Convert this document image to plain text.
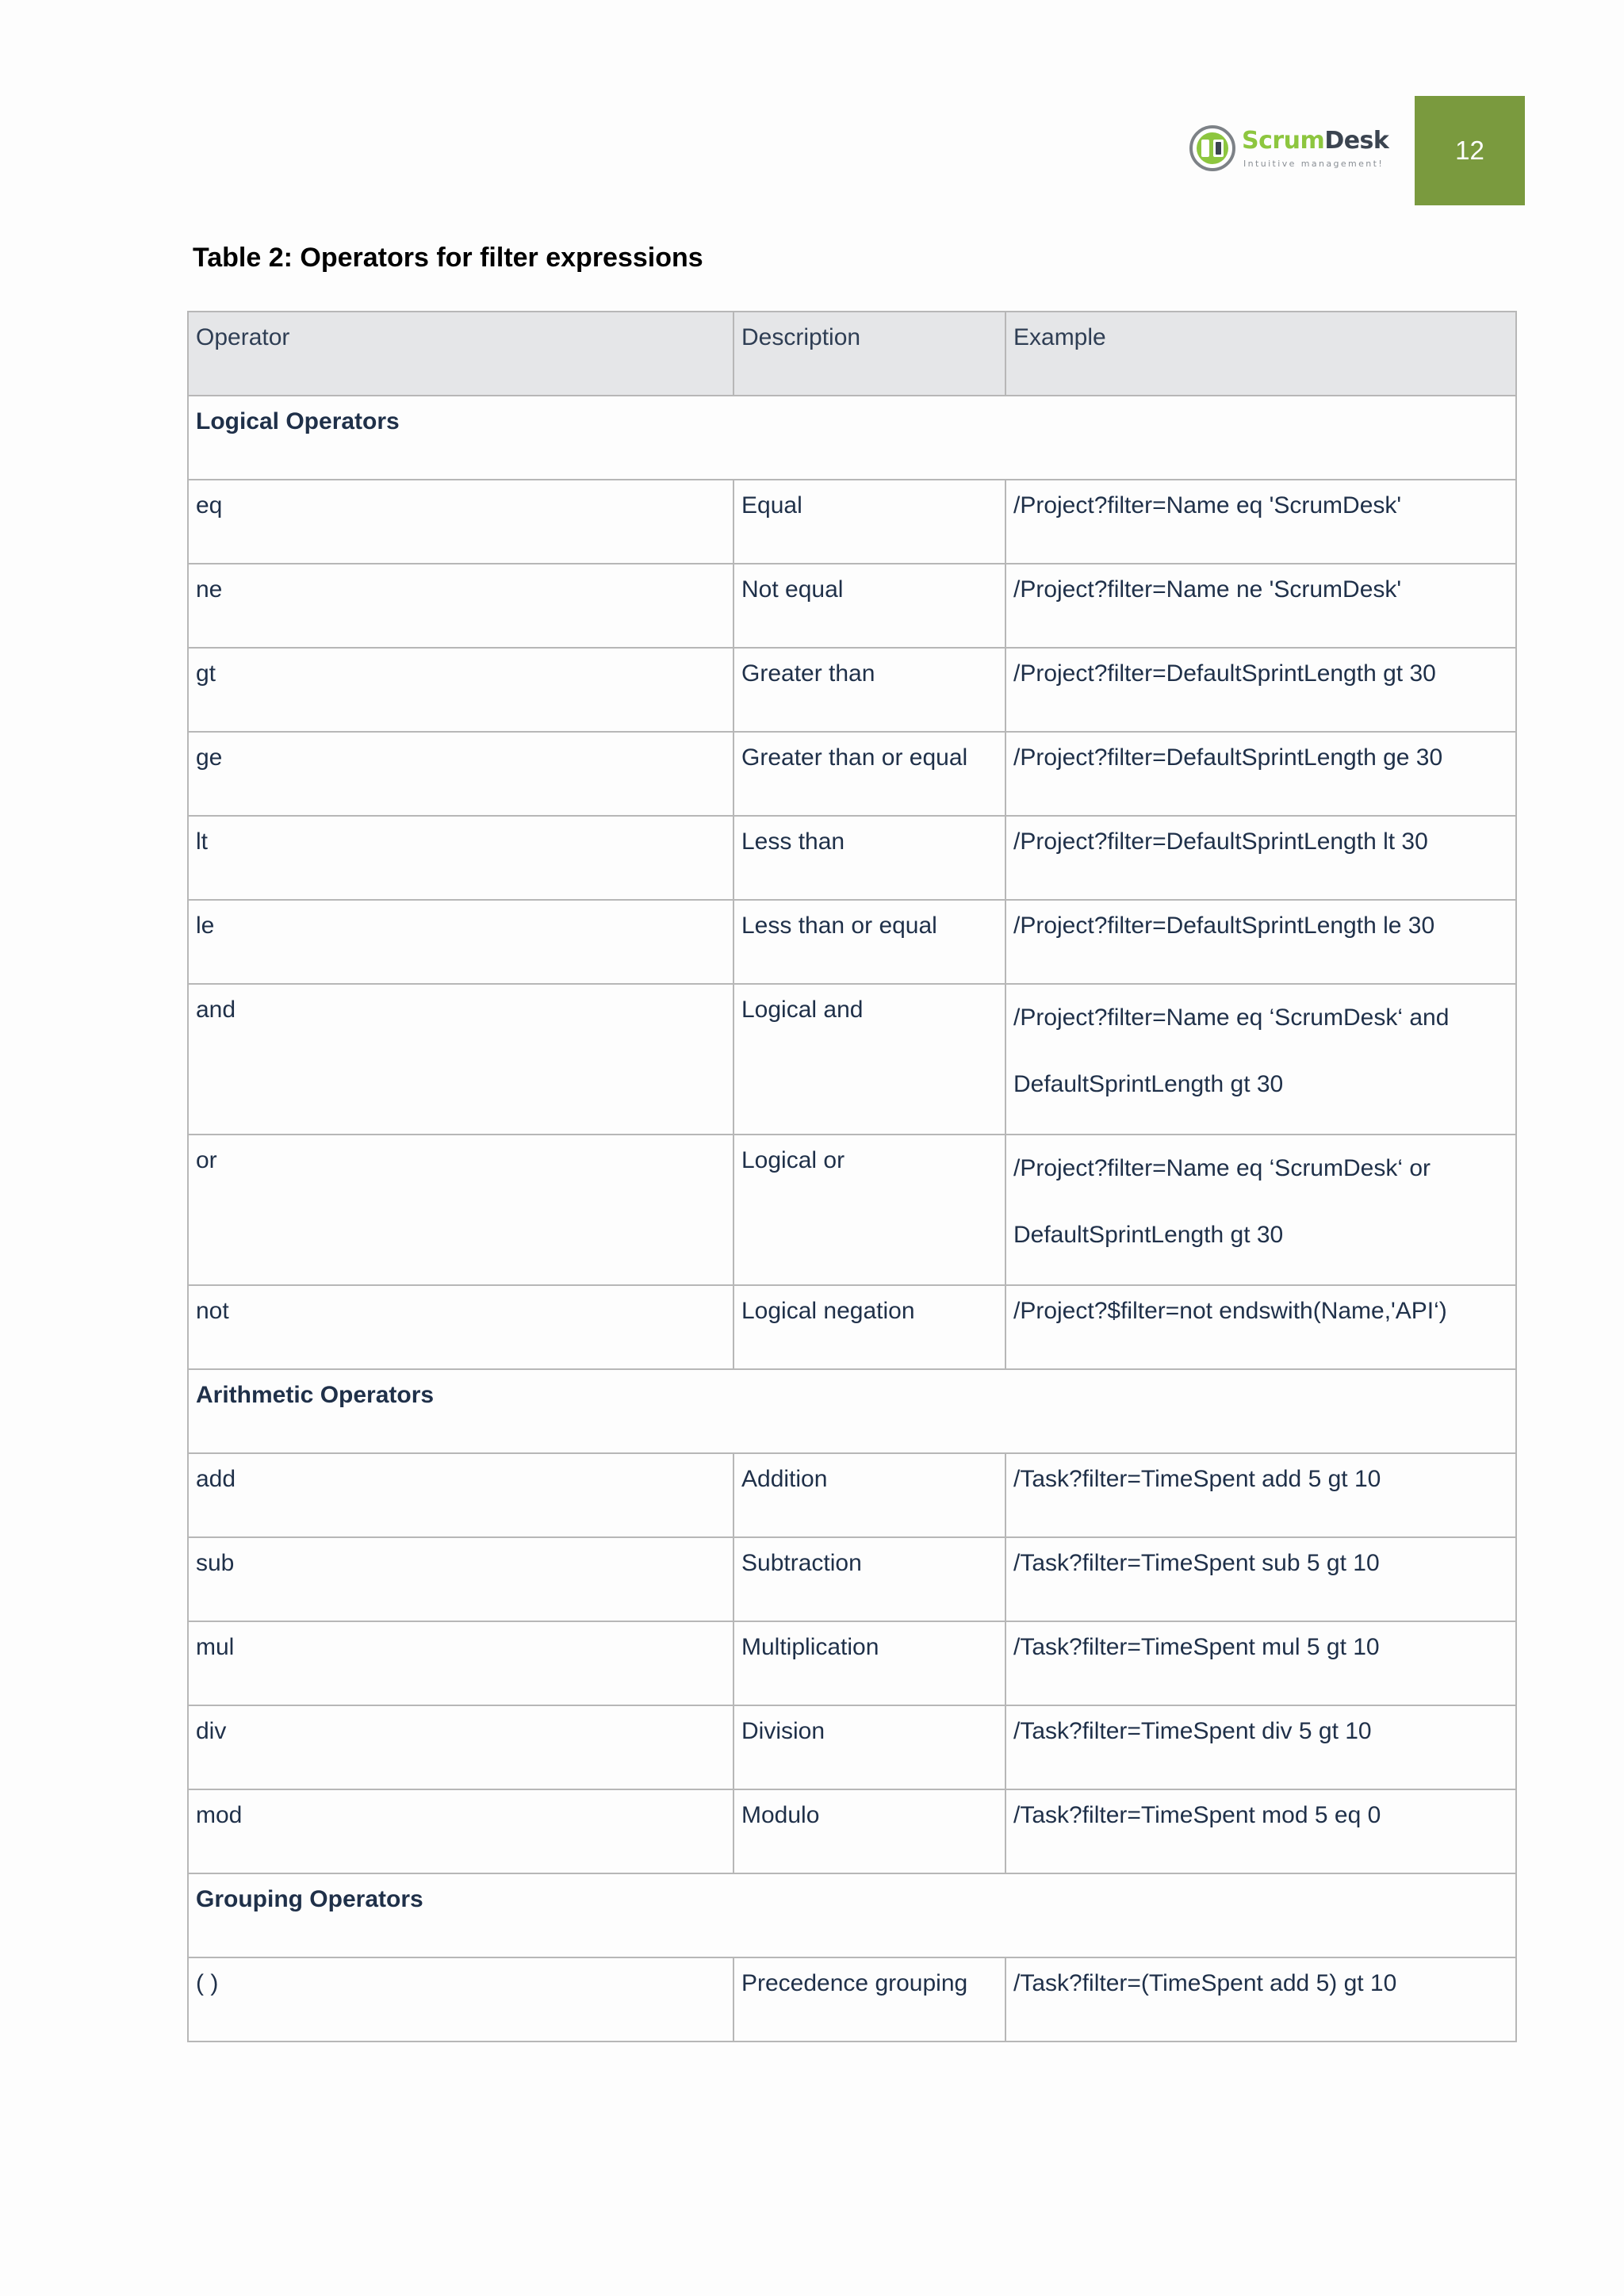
ScrumDesk
Intuitive management!	12
Table 2: Operators for filter expressions
Operator	Description	Example
Logical Operators		
eq	Equal	/Project?filter=Name eq 'ScrumDesk'
ne	Not equal	/Project?filter=Name ne 'ScrumDesk'
gt	Greater than	/Project?filter=DefaultSprintLength gt 30
ge	Greater than or equal	/Project?filter=DefaultSprintLength ge 30
lt	Less than	/Project?filter=DefaultSprintLength lt 30
le	Less than or equal	/Project?filter=DefaultSprintLength le 30
and	Logical and	/Project?filter=Name eq ‘ScrumDesk‘ and DefaultSprintLength gt 30
or	Logical or	/Project?filter=Name eq ‘ScrumDesk‘ or DefaultSprintLength gt 30
not	Logical negation	/Project?$filter=not endswith(Name,'API‘)
Arithmetic Operators		
add	Addition	/Task?filter=TimeSpent add 5 gt 10
sub	Subtraction	/Task?filter=TimeSpent sub 5 gt 10
mul	Multiplication	/Task?filter=TimeSpent mul 5 gt 10
div	Division	/Task?filter=TimeSpent div 5 gt 10
mod	Modulo	/Task?filter=TimeSpent mod 5 eq 0
Grouping Operators		
( )	Precedence grouping	/Task?filter=(TimeSpent add 5) gt 10
